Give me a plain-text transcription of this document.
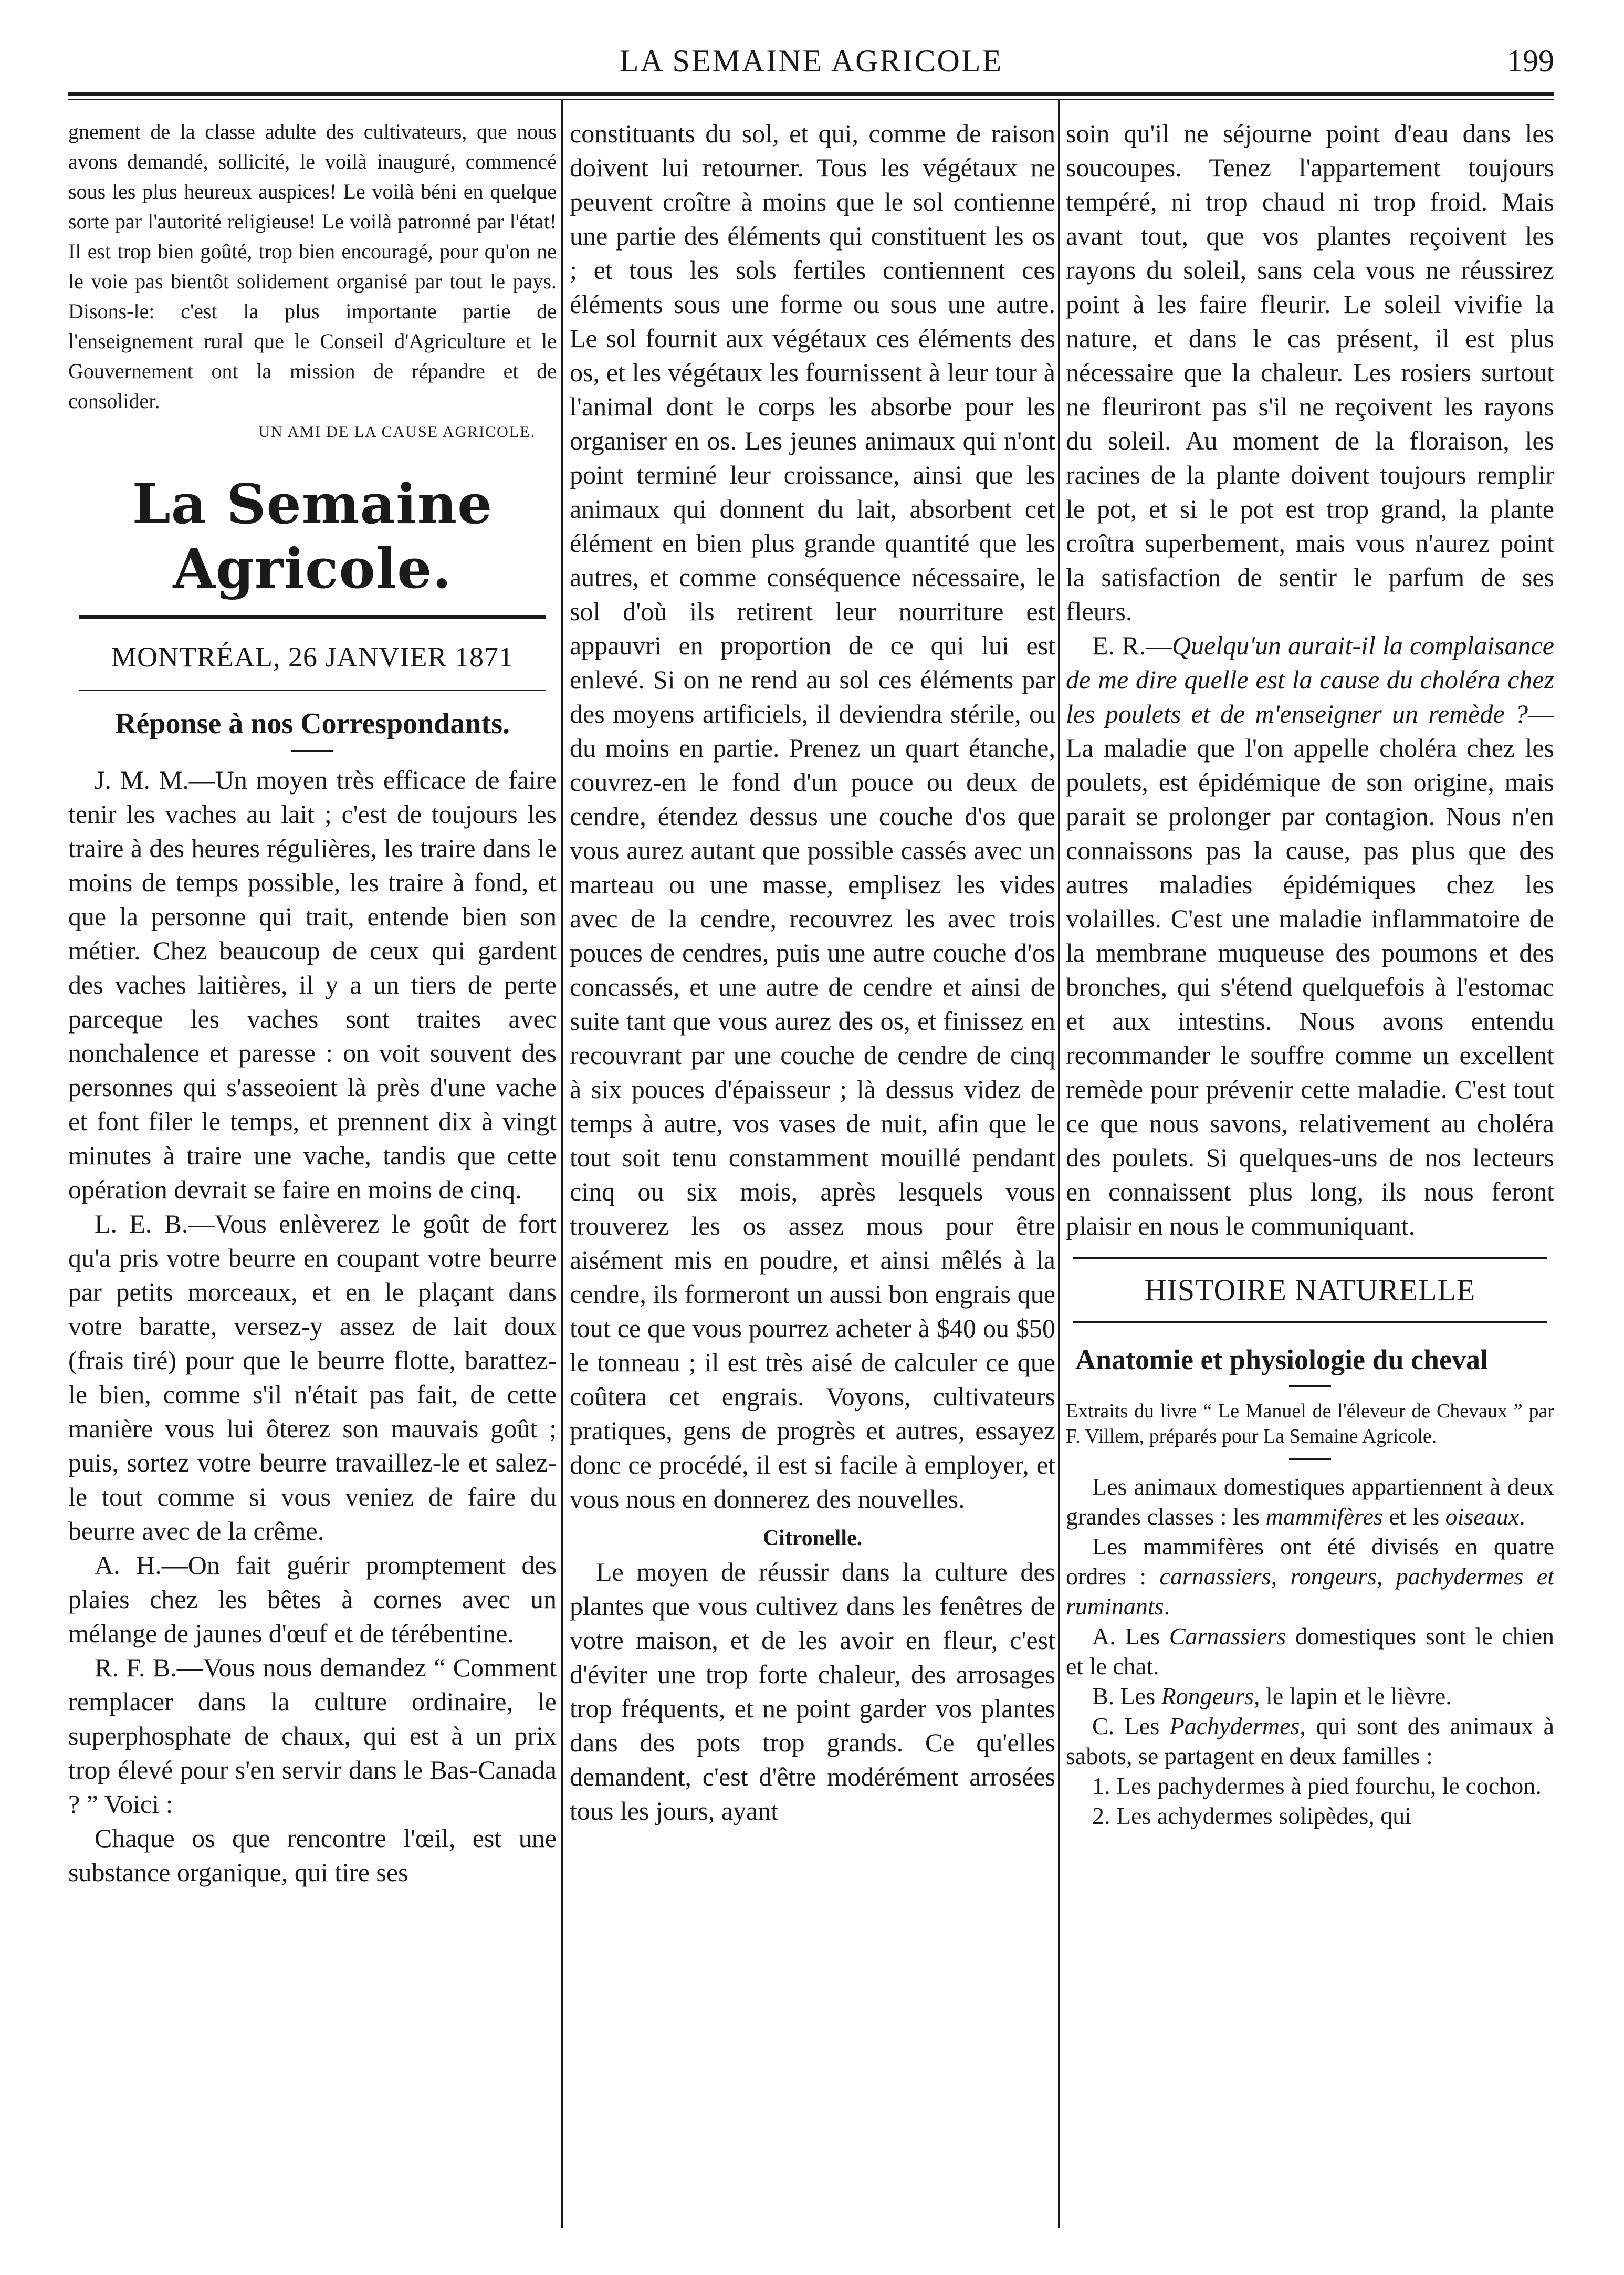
LA SEMAINE AGRICOLE	199

gnement de la classe adulte des cultivateurs, que nous avons demandé, sollicité, le voilà inauguré, commencé sous les plus heureux auspices! Le voilà béni en quelque sorte par l'autorité religieuse! Le voilà patronné par l'état! Il est trop bien goûté, trop bien encouragé, pour qu'on ne le voie pas bientôt solidement organisé par tout le pays. Disons-le: c'est la plus importante partie de l'enseignement rural que le Conseil d'Agriculture et le Gouvernement ont la mission de répandre et de consolider.

UN AMI DE LA CAUSE AGRICOLE.
La Semaine Agricole.
MONTRÉAL, 26 JANVIER 1871
Réponse à nos Correspondants.

J. M. M.—Un moyen très efficace de faire tenir les vaches au lait ; c'est de toujours les traire à des heures régulières, les traire dans le moins de temps possible, les traire à fond, et que la personne qui trait, entende bien son métier. Chez beaucoup de ceux qui gardent des vaches laitières, il y a un tiers de perte parceque les vaches sont traites avec nonchalence et paresse : on voit souvent des personnes qui s'asseoient là près d'une vache et font filer le temps, et prennent dix à vingt minutes à traire une vache, tandis que cette opération devrait se faire en moins de cinq.

L. E. B.—Vous enlèverez le goût de fort qu'a pris votre beurre en coupant votre beurre par petits morceaux, et en le plaçant dans votre baratte, versez-y assez de lait doux (frais tiré) pour que le beurre flotte, barattez-le bien, comme s'il n'était pas fait, de cette manière vous lui ôterez son mauvais goût ; puis, sortez votre beurre travaillez-le et salez-le tout comme si vous veniez de faire du beurre avec de la crême.

A. H.—On fait guérir promptement des plaies chez les bêtes à cornes avec un mélange de jaunes d'œuf et de térébentine.

R. F. B.—Vous nous demandez “ Comment remplacer dans la culture ordinaire, le superphosphate de chaux, qui est à un prix trop élevé pour s'en servir dans le Bas-Canada ? ” Voici :

Chaque os que rencontre l'œil, est une substance organique, qui tire ses

constituants du sol, et qui, comme de raison doivent lui retourner. Tous les végétaux ne peuvent croître à moins que le sol contienne une partie des éléments qui constituent les os ; et tous les sols fertiles contiennent ces éléments sous une forme ou sous une autre. Le sol fournit aux végétaux ces éléments des os, et les végétaux les fournissent à leur tour à l'animal dont le corps les absorbe pour les organiser en os. Les jeunes animaux qui n'ont point terminé leur croissance, ainsi que les animaux qui donnent du lait, absorbent cet élément en bien plus grande quantité que les autres, et comme conséquence nécessaire, le sol d'où ils retirent leur nourriture est appauvri en proportion de ce qui lui est enlevé. Si on ne rend au sol ces éléments par des moyens artificiels, il deviendra stérile, ou du moins en partie. Prenez un quart étanche, couvrez-en le fond d'un pouce ou deux de cendre, étendez dessus une couche d'os que vous aurez autant que possible cassés avec un marteau ou une masse, emplisez les vides avec de la cendre, recouvrez les avec trois pouces de cendres, puis une autre couche d'os concassés, et une autre de cendre et ainsi de suite tant que vous aurez des os, et finissez en recouvrant par une couche de cendre de cinq à six pouces d'épaisseur ; là dessus videz de temps à autre, vos vases de nuit, afin que le tout soit tenu constamment mouillé pendant cinq ou six mois, après lesquels vous trouverez les os assez mous pour être aisément mis en poudre, et ainsi mêlés à la cendre, ils formeront un aussi bon engrais que tout ce que vous pourrez acheter à $40 ou $50 le tonneau ; il est très aisé de calculer ce que coûtera cet engrais. Voyons, cultivateurs pratiques, gens de progrès et autres, essayez donc ce procédé, il est si facile à employer, et vous nous en donnerez des nouvelles.

Citronelle.

Le moyen de réussir dans la culture des plantes que vous cultivez dans les fenêtres de votre maison, et de les avoir en fleur, c'est d'éviter une trop forte chaleur, des arrosages trop fréquents, et ne point garder vos plantes dans des pots trop grands. Ce qu'elles demandent, c'est d'être modérément arrosées tous les jours, ayant

soin qu'il ne séjourne point d'eau dans les soucoupes. Tenez l'appartement toujours tempéré, ni trop chaud ni trop froid. Mais avant tout, que vos plantes reçoivent les rayons du soleil, sans cela vous ne réussirez point à les faire fleurir. Le soleil vivifie la nature, et dans le cas présent, il est plus nécessaire que la chaleur. Les rosiers surtout ne fleuriront pas s'il ne reçoivent les rayons du soleil. Au moment de la floraison, les racines de la plante doivent toujours remplir le pot, et si le pot est trop grand, la plante croîtra superbement, mais vous n'aurez point la satisfaction de sentir le parfum de ses fleurs.

E. R.—Quelqu'un aurait-il la complaisance de me dire quelle est la cause du choléra chez les poulets et de m'enseigner un remède ?—La maladie que l'on appelle choléra chez les poulets, est épidémique de son origine, mais parait se prolonger par contagion. Nous n'en connaissons pas la cause, pas plus que des autres maladies épidémiques chez les volailles. C'est une maladie inflammatoire de la membrane muqueuse des poumons et des bronches, qui s'étend quelquefois à l'estomac et aux intestins. Nous avons entendu recommander le souffre comme un excellent remède pour prévenir cette maladie. C'est tout ce que nous savons, relativement au choléra des poulets. Si quelques-uns de nos lecteurs en connaissent plus long, ils nous feront plaisir en nous le communiquant.

HISTOIRE NATURELLE
Anatomie et physiologie du cheval

Extraits du livre “ Le Manuel de l'éleveur de Chevaux ” par F. Villem, préparés pour La Semaine Agricole.

Les animaux domestiques appartiennent à deux grandes classes : les mammifères et les oiseaux.

Les mammifères ont été divisés en quatre ordres : carnassiers, rongeurs, pachydermes et ruminants.

A. Les Carnassiers domestiques sont le chien et le chat.

B. Les Rongeurs, le lapin et le lièvre.

C. Les Pachydermes, qui sont des animaux à sabots, se partagent en deux familles :

1. Les pachydermes à pied fourchu, le cochon.

2. Les achydermes solipèdes, qui
